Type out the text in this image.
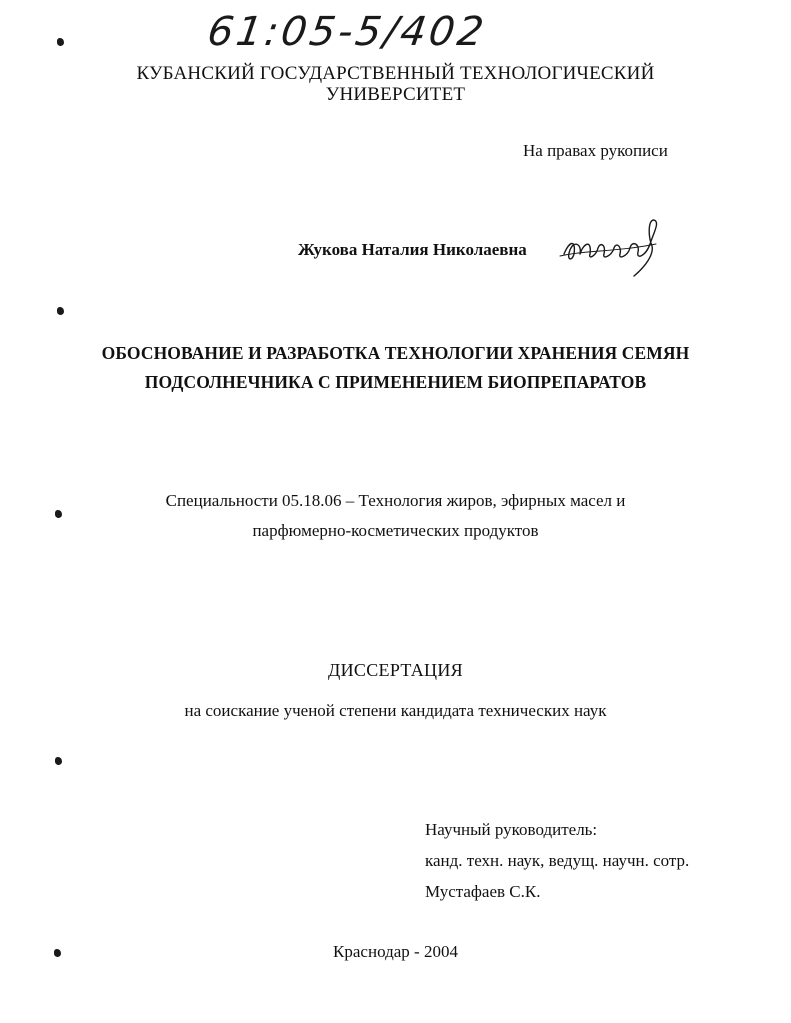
61:05-5/402
КУБАНСКИЙ ГОСУДАРСТВЕННЫЙ ТЕХНОЛОГИЧЕСКИЙ
УНИВЕРСИТЕТ
На правах рукописи
Жукова Наталия Николаевна
ОБОСНОВАНИЕ И РАЗРАБОТКА ТЕХНОЛОГИИ ХРАНЕНИЯ СЕМЯН
ПОДСОЛНЕЧНИКА С ПРИМЕНЕНИЕМ БИОПРЕПАРАТОВ
Специальности 05.18.06 – Технология жиров, эфирных масел и
парфюмерно-косметических продуктов
ДИССЕРТАЦИЯ
на соискание ученой степени кандидата технических наук
Научный руководитель:
канд. техн. наук, ведущ. научн. сотр.
Мустафаев С.К.
Краснодар - 2004
